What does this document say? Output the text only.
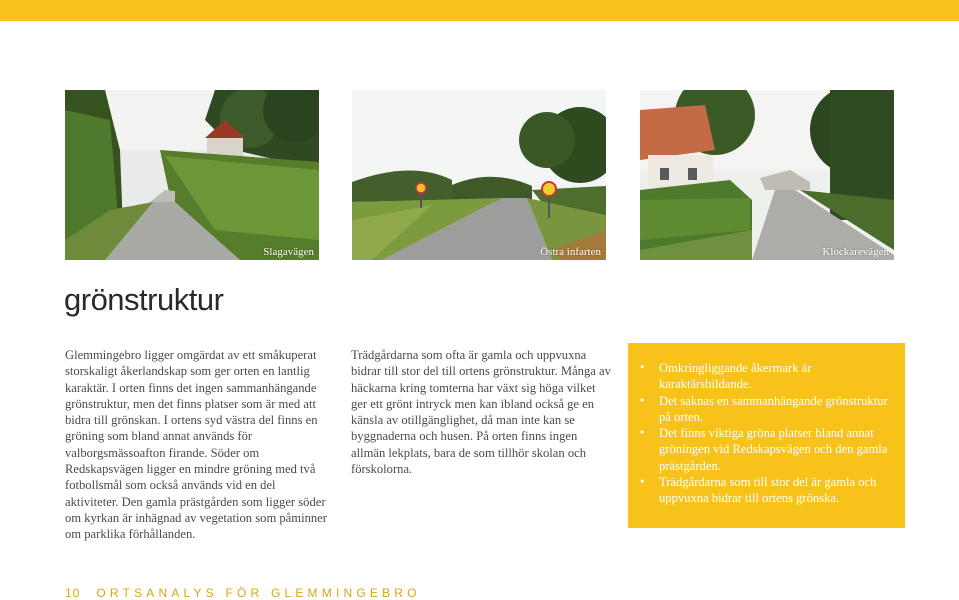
Slagavägen	Östra infarten	Klockarevägen
grönstruktur

Glemmingebro ligger omgärdat av ett småkuperat storskaligt åkerlandskap som ger orten en lantlig karaktär. I orten finns det ingen sammanhängande grönstruktur, men det finns platser som är med att bidra till grönskan. I ortens syd västra del finns en gröning som bland annat används för valborgsmässoafton firande. Söder om Redskapsvägen ligger en mindre gröning med två fotbollsmål som också används vid en del aktiviteter. Den gamla prästgården som ligger söder om kyrkan är inhägnad av vegetation som påminner om parklika förhållanden.

Trädgårdarna som ofta är gamla och uppvuxna bidrar till stor del till ortens grönstruktur. Många av häckarna kring tomterna har växt sig höga vilket ger ett grönt intryck men kan ibland också ge en känsla av otillgänglighet, då man inte kan se byggnaderna och husen. På orten finns ingen allmän lekplats, bara de som tillhör skolan och förskolorna.

• Omkringliggande åkermark är karaktärsbildande.
• Det saknas en sammanhängande grönstruktur på orten.
• Det finns viktiga gröna platser bland annat gröningen vid Redskapsvägen och den gamla prästgården.
• Trädgårdarna som till stor del är gamla och uppvuxna bidrar till ortens grönska.
10 ORTSANALYS FÖR GLEMMINGEBRO
